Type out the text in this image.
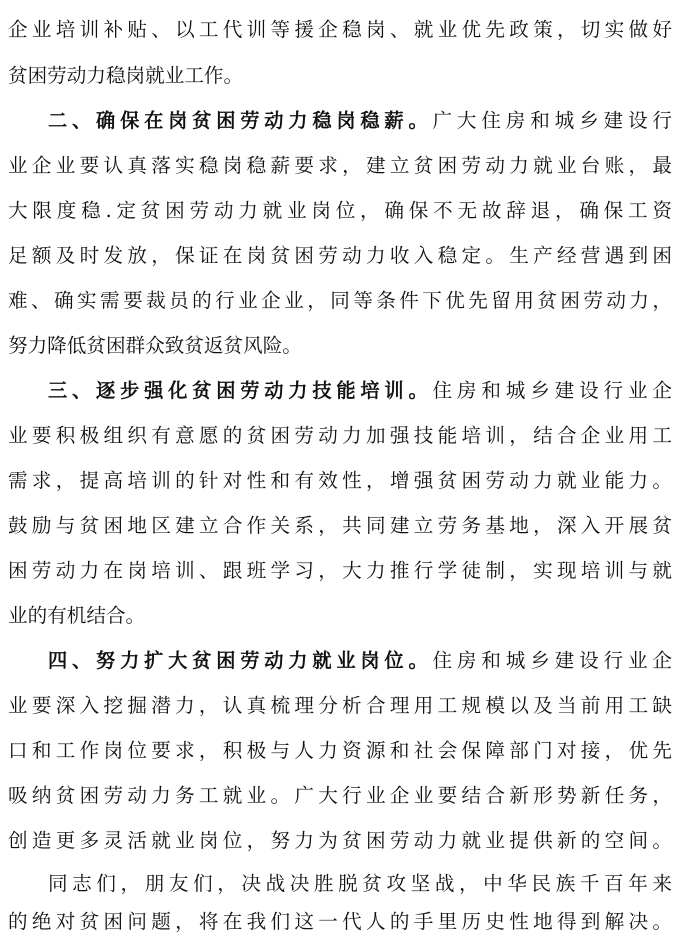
企业培训补贴、以工代训等援企稳岗、就业优先政策，切实做好
贫困劳动力稳岗就业工作。
二、确保在岗贫困劳动力稳岗稳薪。广大住房和城乡建设行
业企业要认真落实稳岗稳薪要求，建立贫困劳动力就业台账，最
大限度稳.定贫困劳动力就业岗位，确保不无故辞退，确保工资
足额及时发放，保证在岗贫困劳动力收入稳定。生产经营遇到困
难、确实需要裁员的行业企业，同等条件下优先留用贫困劳动力，
努力降低贫困群众致贫返贫风险。
三、逐步强化贫困劳动力技能培训。住房和城乡建设行业企
业要积极组织有意愿的贫困劳动力加强技能培训，结合企业用工
需求，提高培训的针对性和有效性，增强贫困劳动力就业能力。
鼓励与贫困地区建立合作关系，共同建立劳务基地，深入开展贫
困劳动力在岗培训、跟班学习，大力推行学徒制，实现培训与就
业的有机结合。
四、努力扩大贫困劳动力就业岗位。住房和城乡建设行业企
业要深入挖掘潜力，认真梳理分析合理用工规模以及当前用工缺
口和工作岗位要求，积极与人力资源和社会保障部门对接，优先
吸纳贫困劳动力务工就业。广大行业企业要结合新形势新任务，
创造更多灵活就业岗位，努力为贫困劳动力就业提供新的空间。
同志们，朋友们，决战决胜脱贫攻坚战，中华民族千百年来
的绝对贫困问题，将在我们这一代人的手里历史性地得到解决。
